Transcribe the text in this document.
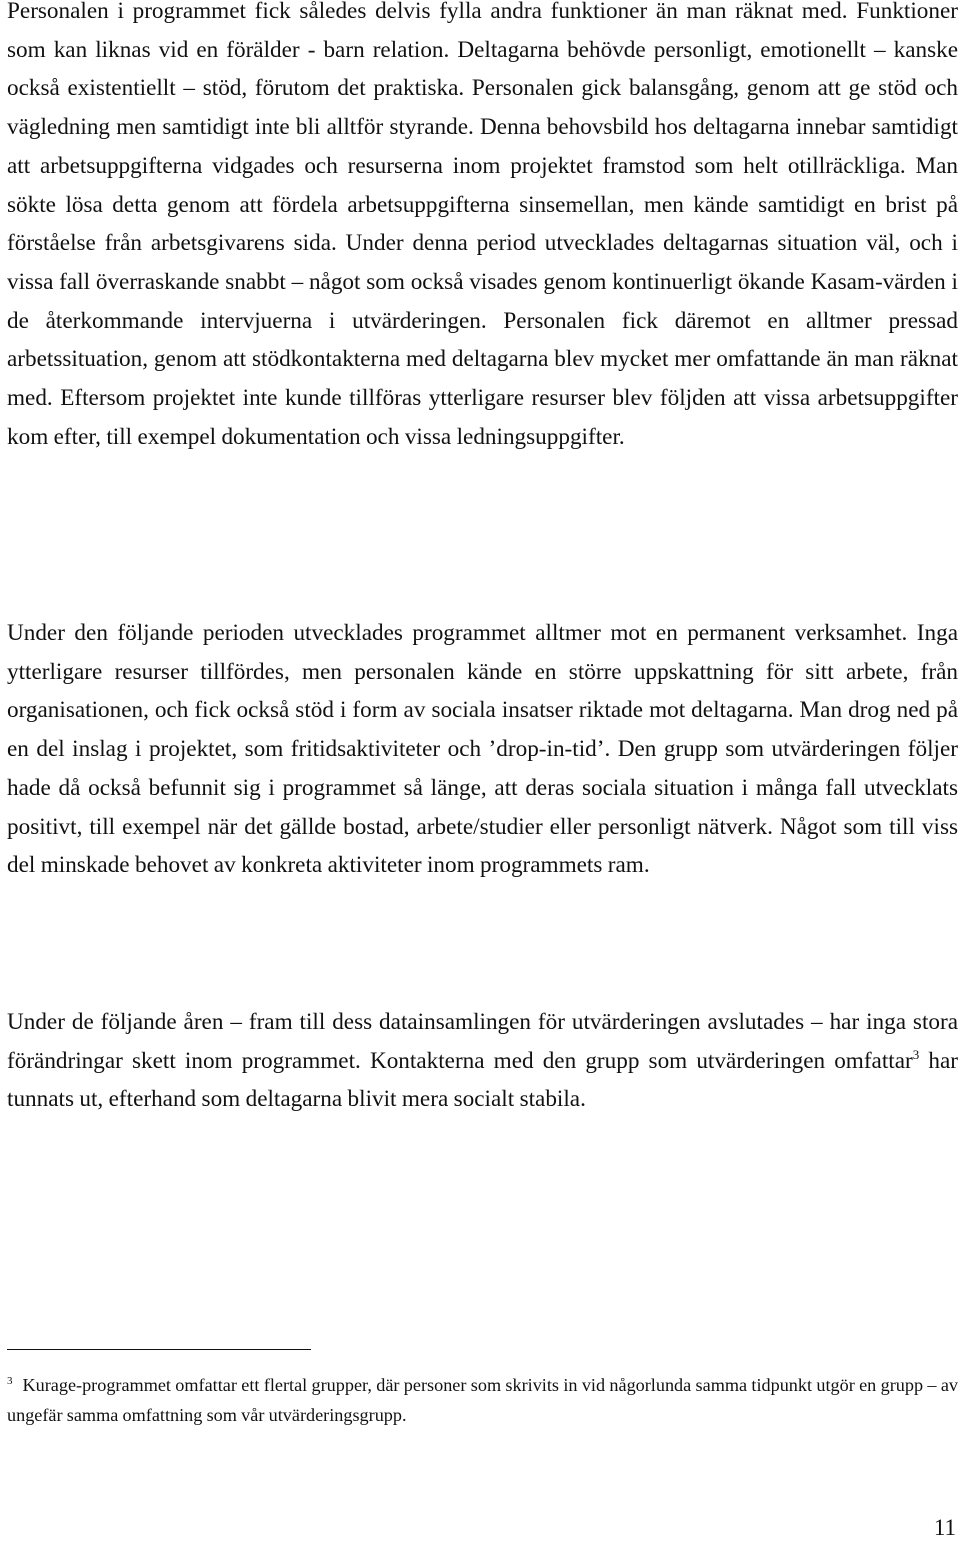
Personalen i programmet fick således delvis fylla andra funktioner än man räknat med. Funktioner som kan liknas vid en förälder - barn relation. Deltagarna behövde personligt, emotionellt – kanske också existentiellt – stöd, förutom det praktiska. Personalen gick balansgång, genom att ge stöd och vägledning men samtidigt inte bli alltför styrande. Denna behovsbild hos deltagarna innebar samtidigt att arbetsuppgifterna vidgades och resurserna inom projektet framstod som helt otillräckliga. Man sökte lösa detta genom att fördela arbetsuppgifterna sinsemellan, men kände samtidigt en brist på förståelse från arbetsgivarens sida. Under denna period utvecklades deltagarnas situation väl, och i vissa fall överraskande snabbt – något som också visades genom kontinuerligt ökande Kasam-värden i de återkommande intervjuerna i utvärderingen. Personalen fick däremot en alltmer pressad arbetssituation, genom att stödkontakterna med deltagarna blev mycket mer omfattande än man räknat med. Eftersom projektet inte kunde tillföras ytterligare resurser blev följden att vissa arbetsuppgifter kom efter, till exempel dokumentation och vissa ledningsuppgifter.

Under den följande perioden utvecklades programmet alltmer mot en permanent verksamhet. Inga ytterligare resurser tillfördes, men personalen kände en större uppskattning för sitt arbete, från organisationen, och fick också stöd i form av sociala insatser riktade mot deltagarna. Man drog ned på en del inslag i projektet, som fritidsaktiviteter och ’drop-in-tid’. Den grupp som utvärderingen följer hade då också befunnit sig i programmet så länge, att deras sociala situation i många fall utvecklats positivt, till exempel när det gällde bostad, arbete/studier eller personligt nätverk. Något som till viss del minskade behovet av konkreta aktiviteter inom programmets ram.

Under de följande åren – fram till dess datainsamlingen för utvärderingen avslutades – har inga stora förändringar skett inom programmet. Kontakterna med den grupp som utvärderingen omfattar$^3$ har tunnats ut, efterhand som deltagarna blivit mera socialt stabila.

$^3$ Kurage-programmet omfattar ett flertal grupper, där personer som skrivits in vid någorlunda samma tidpunkt utgör en grupp – av ungefär samma omfattning som vår utvärderingsgrupp.

11
